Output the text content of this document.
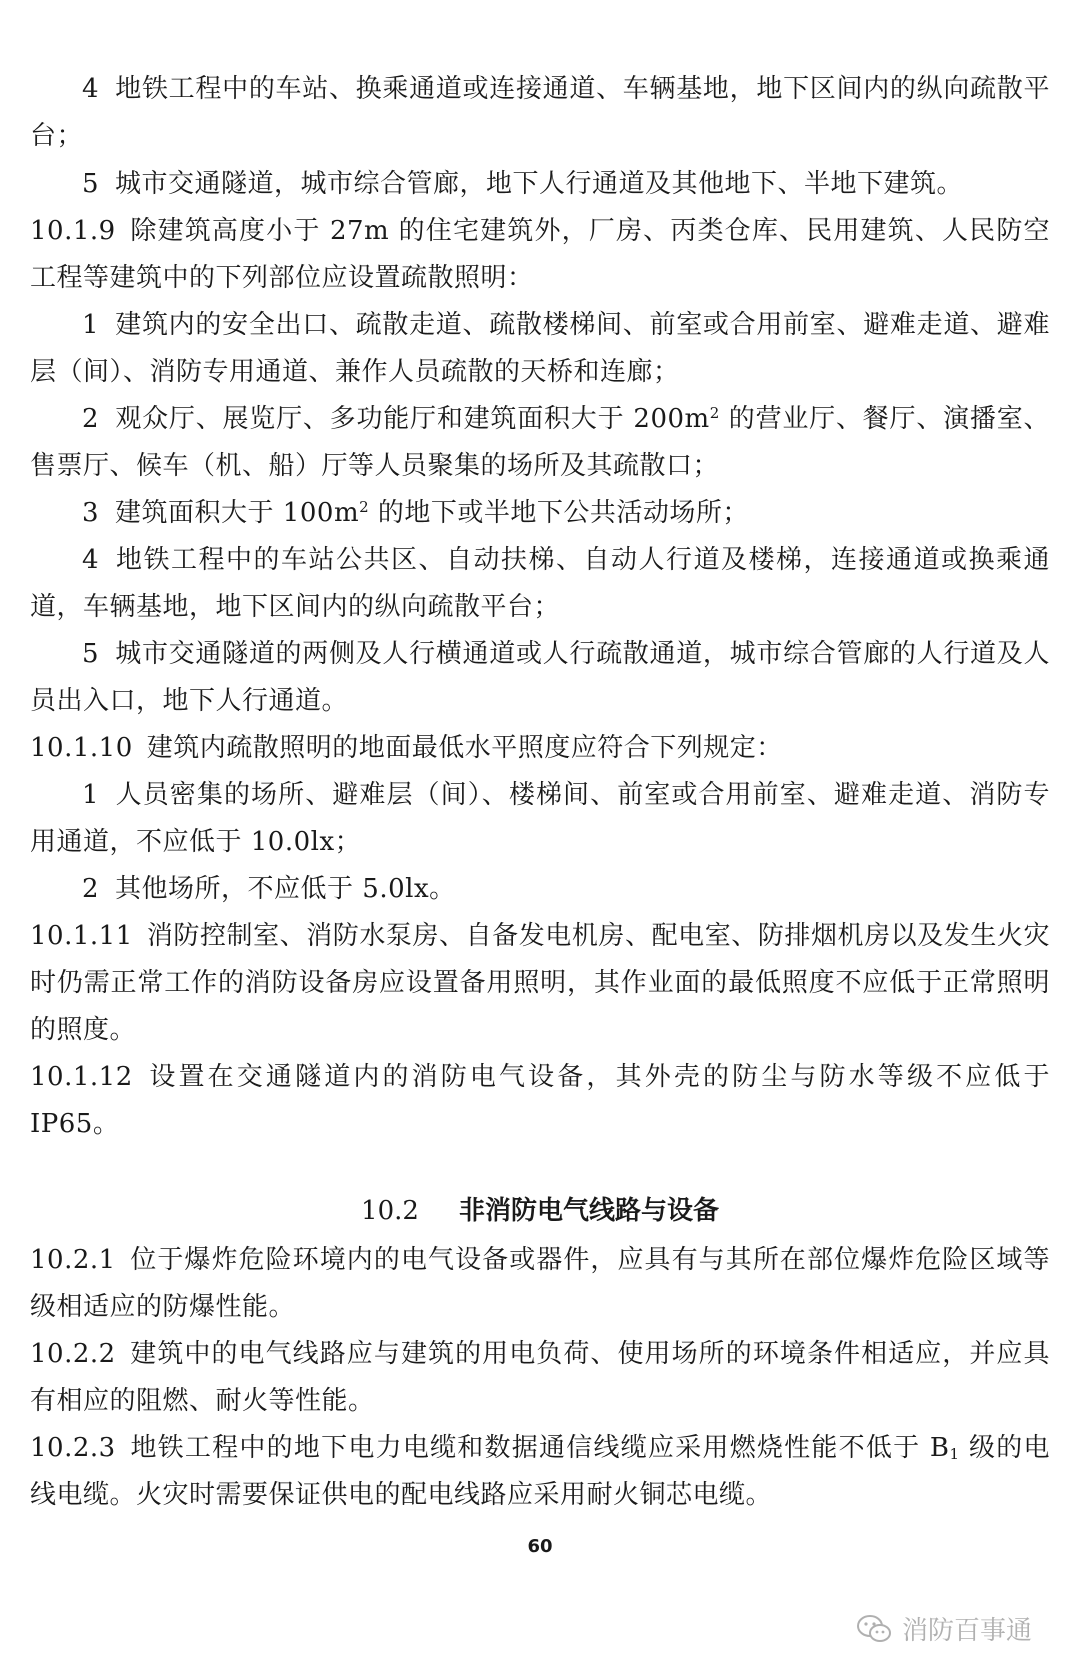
4 地铁工程中的车站、换乘通道或连接通道、车辆基地，地下区间内的纵向疏散平台；

5 城市交通隧道，城市综合管廊，地下人行通道及其他地下、半地下建筑。

10.1.9 除建筑高度小于 27m 的住宅建筑外，厂房、丙类仓库、民用建筑、人民防空工程等建筑中的下列部位应设置疏散照明：

1 建筑内的安全出口、疏散走道、疏散楼梯间、前室或合用前室、避难走道、避难层（间）、消防专用通道、兼作人员疏散的天桥和连廊；

2 观众厅、展览厅、多功能厅和建筑面积大于 $200m^2$ 的营业厅、餐厅、演播室、售票厅、候车（机、船）厅等人员聚集的场所及其疏散口；

3 建筑面积大于 $100m^2$ 的地下或半地下公共活动场所；

4 地铁工程中的车站公共区、自动扶梯、自动人行道及楼梯，连接通道或换乘通道，车辆基地，地下区间内的纵向疏散平台；

5 城市交通隧道的两侧及人行横通道或人行疏散通道，城市综合管廊的人行道及人员出入口，地下人行通道。

10.1.10 建筑内疏散照明的地面最低水平照度应符合下列规定：

1 人员密集的场所、避难层（间）、楼梯间、前室或合用前室、避难走道、消防专用通道，不应低于 10.0lx；

2 其他场所，不应低于 5.0lx。

10.1.11 消防控制室、消防水泵房、自备发电机房、配电室、防排烟机房以及发生火灾时仍需正常工作的消防设备房应设置备用照明，其作业面的最低照度不应低于正常照明的照度。

10.1.12 设置在交通隧道内的消防电气设备，其外壳的防尘与防水等级不应低于 IP65。

10.2 非消防电气线路与设备

10.2.1 位于爆炸危险环境内的电气设备或器件，应具有与其所在部位爆炸危险区域等级相适应的防爆性能。

10.2.2 建筑中的电气线路应与建筑的用电负荷、使用场所的环境条件相适应，并应具有相应的阻燃、耐火等性能。

10.2.3 地铁工程中的地下电力电缆和数据通信线缆应采用燃烧性能不低于 $B_1$ 级的电线电缆。火灾时需要保证供电的配电线路应采用耐火铜芯电缆。

60
消防百事通
